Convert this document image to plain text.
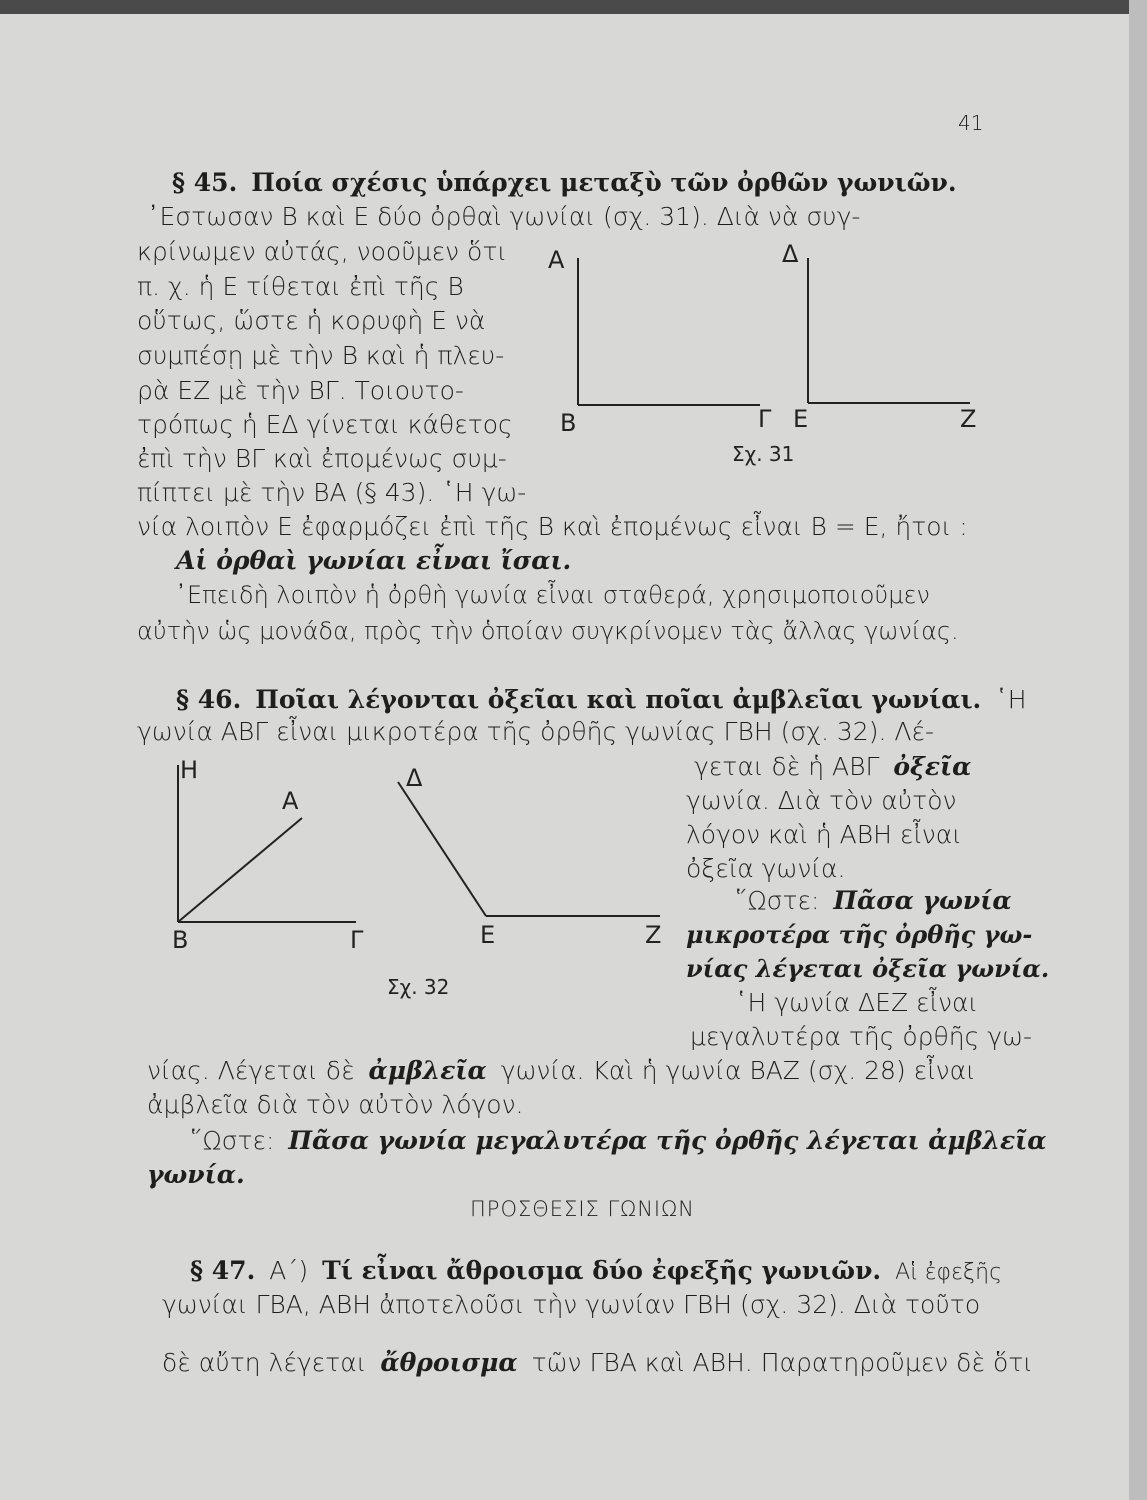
41
§ 45. Ποία σχέσις ὑπάρχει μεταξὺ τῶν ὀρθῶν γωνιῶν.
᾿Εστωσαν Β καὶ Ε δύο ὀρθαὶ γωνίαι (σχ. 31). Διὰ νὰ συγ-
κρίνωμεν αὐτάς, νοοῦμεν ὅτι
π. χ. ἡ Ε τίθεται ἐπὶ τῆς Β
οὕτως, ὥστε ἡ κορυφὴ Ε νὰ
συμπέσῃ μὲ τὴν Β καὶ ἡ πλευ-
ρὰ ΕΖ μὲ τὴν ΒΓ. Τοιουτο-
τρόπως ἡ ΕΔ γίνεται κάθετος
ἐπὶ τὴν ΒΓ καὶ ἐπομένως συμ-
πίπτει μὲ τὴν ΒΑ (§ 43). ῾Η γω-
νία λοιπὸν Ε ἐφαρμόζει ἐπὶ τῆς Β καὶ ἐπομένως εἶναι Β = Ε, ἤτοι :
Αἱ ὀρθαὶ γωνίαι εἶναι ἴσαι.
᾿Επειδὴ λοιπὸν ἡ ὀρθὴ γωνία εἶναι σταθερά, χρησιμοποιοῦμεν
αὐτὴν ὡς μονάδα, πρὸς τὴν ὁποίαν συγκρίνομεν τὰς ἄλλας γωνίας.
Α	Δ
Β	Γ Ε	Ζ
Σχ. 31
§ 46. Ποῖαι λέγονται ὀξεῖαι καὶ ποῖαι ἀμβλεῖαι γωνίαι. ῾Η
γωνία ΑΒΓ εἶναι μικροτέρα τῆς ὀρθῆς γωνίας ΓΒΗ (σχ. 32). Λέ-
γεται δὲ ἡ ΑΒΓ ὀξεῖα
γωνία. Διὰ τὸν αὐτὸν
λόγον καὶ ἡ ΑΒΗ εἶναι
ὀξεῖα γωνία.
῞Ωστε: Πᾶσα γωνία
μικροτέρα τῆς ὀρθῆς γω-
νίας λέγεται ὀξεῖα γωνία.
῾Η γωνία ΔΕΖ εἶναι
μεγαλυτέρα τῆς ὀρθῆς γω-
νίας. Λέγεται δὲ ἀμβλεῖα γωνία. Καὶ ἡ γωνία ΒΑΖ (σχ. 28) εἶναι
ἀμβλεῖα διὰ τὸν αὐτὸν λόγον.
῞Ωστε: Πᾶσα γωνία μεγαλυτέρα τῆς ὀρθῆς λέγεται ἀμβλεῖα
γωνία.
Η
Α
Β	Γ
Δ
Ε	Ζ
Σχ. 32
ΠΡΟΣΘΕΣΙΣ ΓΩΝΙΩΝ
§ 47. Α΄) Τί εἶναι ἄθροισμα δύο ἐφεξῆς γωνιῶν. Αἱ ἐφεξῆς
γωνίαι ΓΒΑ, ΑΒΗ ἀποτελοῦσι τὴν γωνίαν ΓΒΗ (σχ. 32). Διὰ τοῦτο
δὲ αὔτη λέγεται ἄθροισμα τῶν ΓΒΑ καὶ ΑΒΗ. Παρατηροῦμεν δὲ ὅτι
